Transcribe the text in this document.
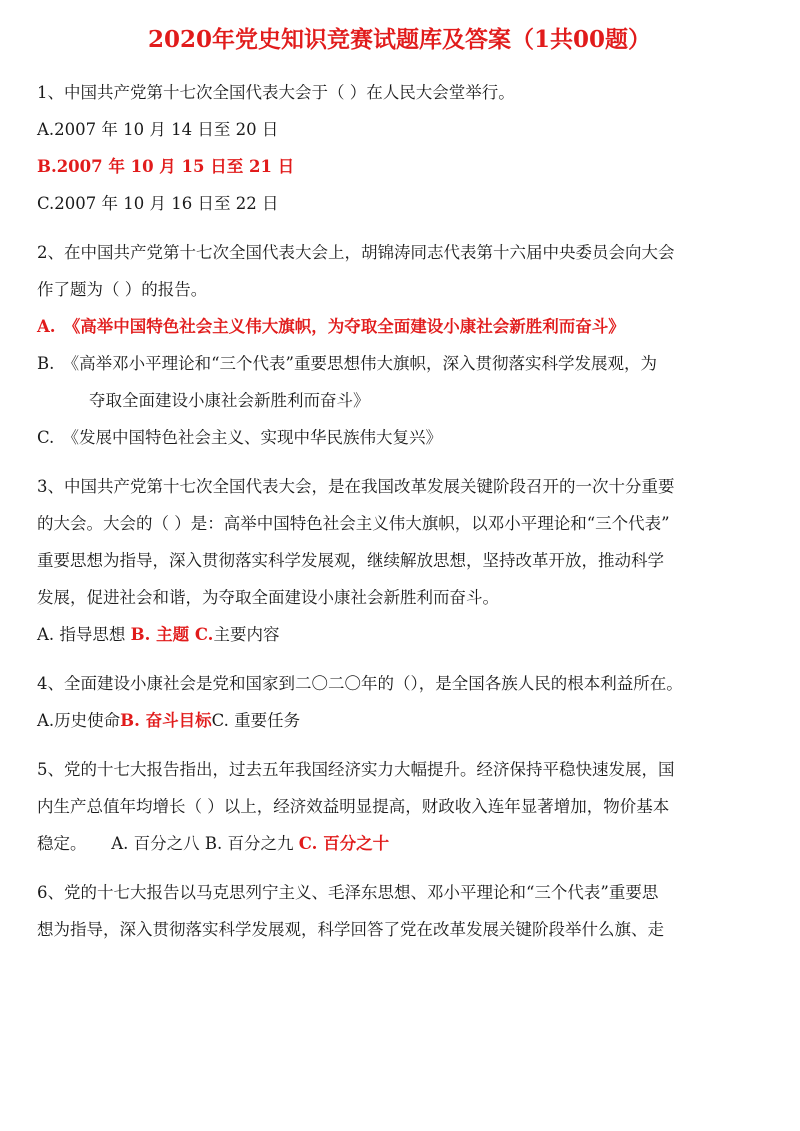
2020年党史知识竞赛试题库及答案（1共00题）

1、中国共产党第十七次全国代表大会于（ ）在人民大会堂举行。

A.2007 年 10 月 14 日至 20 日

B.2007 年 10 月 15 日至 21 日

C.2007 年 10 月 16 日至 22 日

2、在中国共产党第十七次全国代表大会上，胡锦涛同志代表第十六届中央委员会向大会

作了题为（ ）的报告。

A.　《高举中国特色社会主义伟大旗帜，为夺取全面建设小康社会新胜利而奋斗》

B.　《高举邓小平理论和“三个代表”重要思想伟大旗帜，深入贯彻落实科学发展观，为

夺取全面建设小康社会新胜利而奋斗》

C.　《发展中国特色社会主义、实现中华民族伟大复兴》

3、中国共产党第十七次全国代表大会，是在我国改革发展关键阶段召开的一次十分重要

的大会。大会的（ ）是：高举中国特色社会主义伟大旗帜，以邓小平理论和“三个代表”

重要思想为指导，深入贯彻落实科学发展观，继续解放思想，坚持改革开放，推动科学

发展，促进社会和谐，为夺取全面建设小康社会新胜利而奋斗。

A. 指导思想 B. 主题 C.主要内容

4、全面建设小康社会是党和国家到二〇二〇年的（），是全国各族人民的根本利益所在。

A.历史使命B. 奋斗目标C. 重要任务

5、党的十七大报告指出，过去五年我国经济实力大幅提升。经济保持平稳快速发展，国

内生产总值年均增长（ ）以上，经济效益明显提高，财政收入连年显著增加，物价基本

稳定。　　A. 百分之八 B. 百分之九 C. 百分之十

6、党的十七大报告以马克思列宁主义、毛泽东思想、邓小平理论和“三个代表”重要思

想为指导，深入贯彻落实科学发展观，科学回答了党在改革发展关键阶段举什么旗、走
